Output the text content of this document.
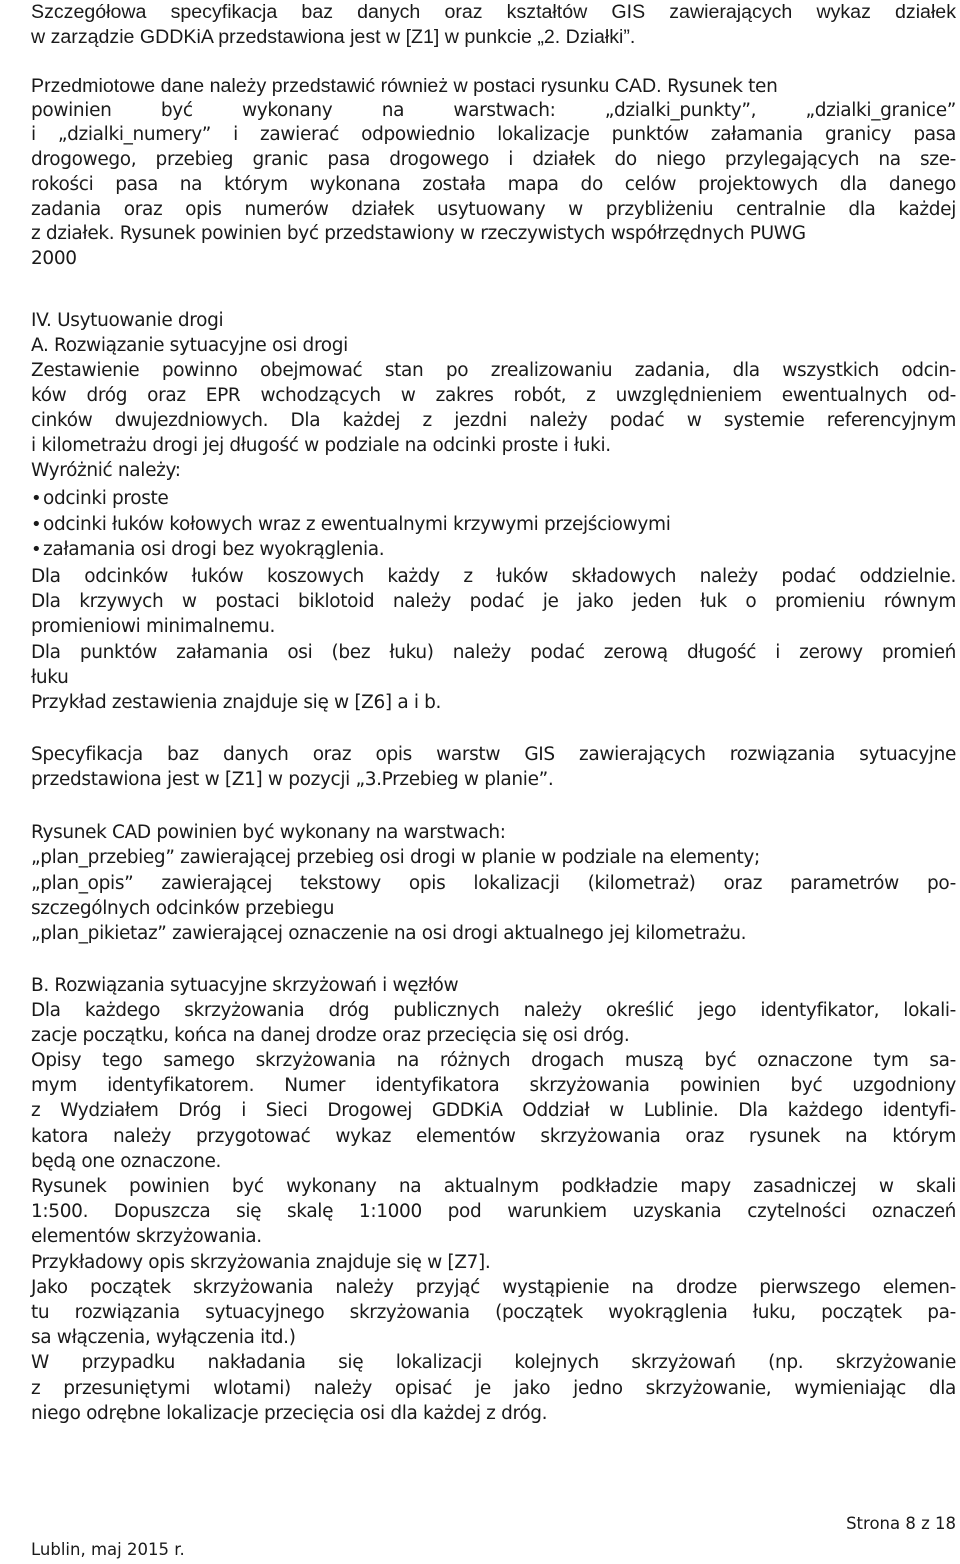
Szczegółowa specyfikacja baz danych oraz kształtów GIS zawierających wykaz działek
w zarządzie GDDKiA przedstawiona jest w [Z1] w punkcie „2. Działki”.
Przedmiotowe dane należy przedstawić również w postaci rysunku CAD. Rysunek ten
powinien być wykonany na warstwach: „dzialki_punkty”, „dzialki_granice”
i „dzialki_numery” i zawierać odpowiednio lokalizacje punktów załamania granicy pasa
drogowego, przebieg granic pasa drogowego i działek do niego przylegających na sze-
rokości pasa na którym wykonana została mapa do celów projektowych dla danego
zadania oraz opis numerów działek usytuowany w przybliżeniu centralnie dla każdej
z działek. Rysunek powinien być przedstawiony w rzeczywistych współrzędnych PUWG
2000
IV. Usytuowanie drogi
A. Rozwiązanie sytuacyjne osi drogi
Zestawienie powinno obejmować stan po zrealizowaniu zadania, dla wszystkich odcin-
ków dróg oraz EPR wchodzących w zakres robót, z uwzględnieniem ewentualnych od-
cinków dwujezdniowych. Dla każdej z jezdni należy podać w systemie referencyjnym
i kilometrażu drogi jej długość w podziale na odcinki proste i łuki.
Wyróżnić należy:
• odcinki proste
• odcinki łuków kołowych wraz z ewentualnymi krzywymi przejściowymi
• załamania osi drogi bez wyokrąglenia.
Dla odcinków łuków koszowych każdy z łuków składowych należy podać oddzielnie.
Dla krzywych w postaci biklotoid należy podać je jako jeden łuk o promieniu równym
promieniowi minimalnemu.
Dla punktów załamania osi (bez łuku) należy podać zerową długość i zerowy promień
łuku
Przykład zestawienia znajduje się w [Z6] a i b.
Specyfikacja baz danych oraz opis warstw GIS zawierających rozwiązania sytuacyjne
przedstawiona jest w [Z1] w pozycji „3.Przebieg w planie”.
Rysunek CAD powinien być wykonany na warstwach:
„plan_przebieg” zawierającej przebieg osi drogi w planie w podziale na elementy;
„plan_opis” zawierającej tekstowy opis lokalizacji (kilometraż) oraz parametrów po-
szczególnych odcinków przebiegu
„plan_pikietaz” zawierającej oznaczenie na osi drogi aktualnego jej kilometrażu.
B. Rozwiązania sytuacyjne skrzyżowań i węzłów
Dla każdego skrzyżowania dróg publicznych należy określić jego identyfikator, lokali-
zacje początku, końca na danej drodze oraz przecięcia się osi dróg.
Opisy tego samego skrzyżowania na różnych drogach muszą być oznaczone tym sa-
mym identyfikatorem. Numer identyfikatora skrzyżowania powinien być uzgodniony
z Wydziałem Dróg i Sieci Drogowej GDDKiA Oddział w Lublinie. Dla każdego identyfi-
katora należy przygotować wykaz elementów skrzyżowania oraz rysunek na którym
będą one oznaczone.
Rysunek powinien być wykonany na aktualnym podkładzie mapy zasadniczej w skali
1:500. Dopuszcza się skalę 1:1000 pod warunkiem uzyskania czytelności oznaczeń
elementów skrzyżowania.
Przykładowy opis skrzyżowania znajduje się w [Z7].
Jako początek skrzyżowania należy przyjąć wystąpienie na drodze pierwszego elemen-
tu rozwiązania sytuacyjnego skrzyżowania (początek wyokrąglenia łuku, początek pa-
sa włączenia, wyłączenia itd.)
W przypadku nakładania się lokalizacji kolejnych skrzyżowań (np. skrzyżowanie
z przesuniętymi wlotami) należy opisać je jako jedno skrzyżowanie, wymieniając dla
niego odrębne lokalizacje przecięcia osi dla każdej z dróg.
Strona 8 z 18
Lublin, maj 2015 r.
